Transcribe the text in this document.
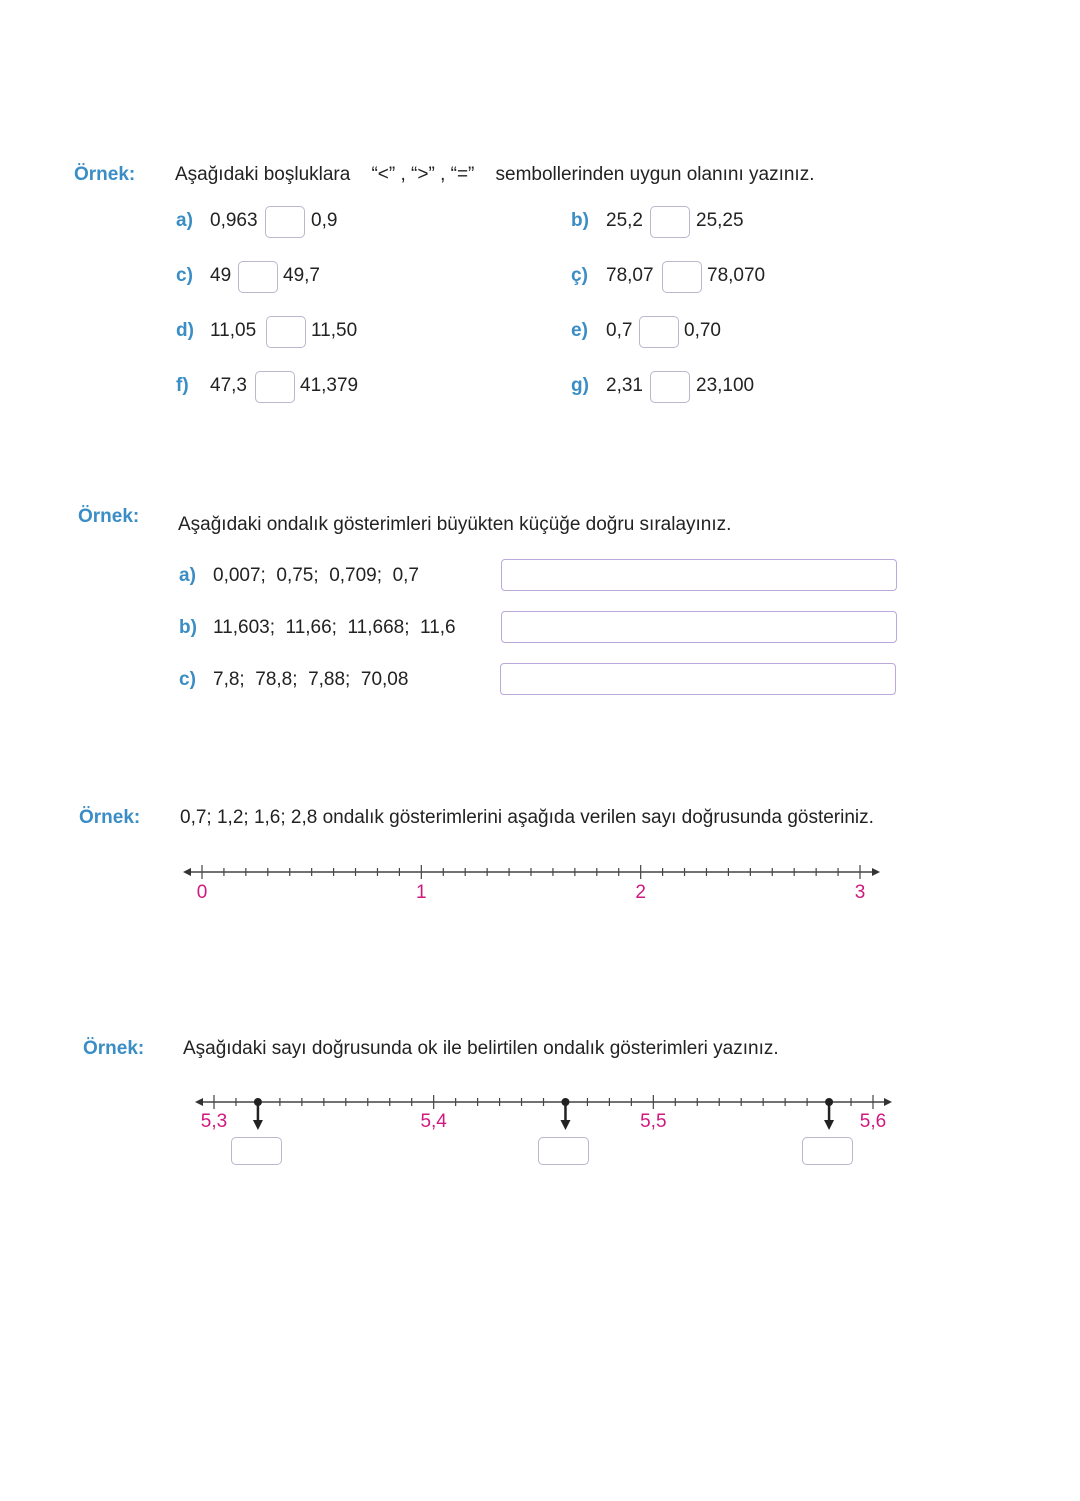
Örnek: Aşağıdaki boşluklara “<” , “>” , “=” sembollerinden uygun olanını yazınız.
a) 0,963	0,9	b) 25,2	25,25
c) 49	49,7	ç) 78,07	78,070
d) 11,05	11,50	e) 0,7	0,70
f) 47,3	41,379	g) 2,31	23,100
Örnek: Aşağıdaki ondalık gösterimleri büyükten küçüğe doğru sıralayınız.
a) 0,007;  0,75;  0,709;  0,7
b) 11,603;  11,66;  11,668;  11,6
c) 7,8;  78,8;  7,88;  70,08
Örnek: 0,7; 1,2; 1,6; 2,8 ondalık gösterimlerini aşağıda verilen sayı doğrusunda gösteriniz.
Örnek: Aşağıdaki sayı doğrusunda ok ile belirtilen ondalık gösterimleri yazınız.
0	1	2	3
5,3	5,4	5,5	5,6
